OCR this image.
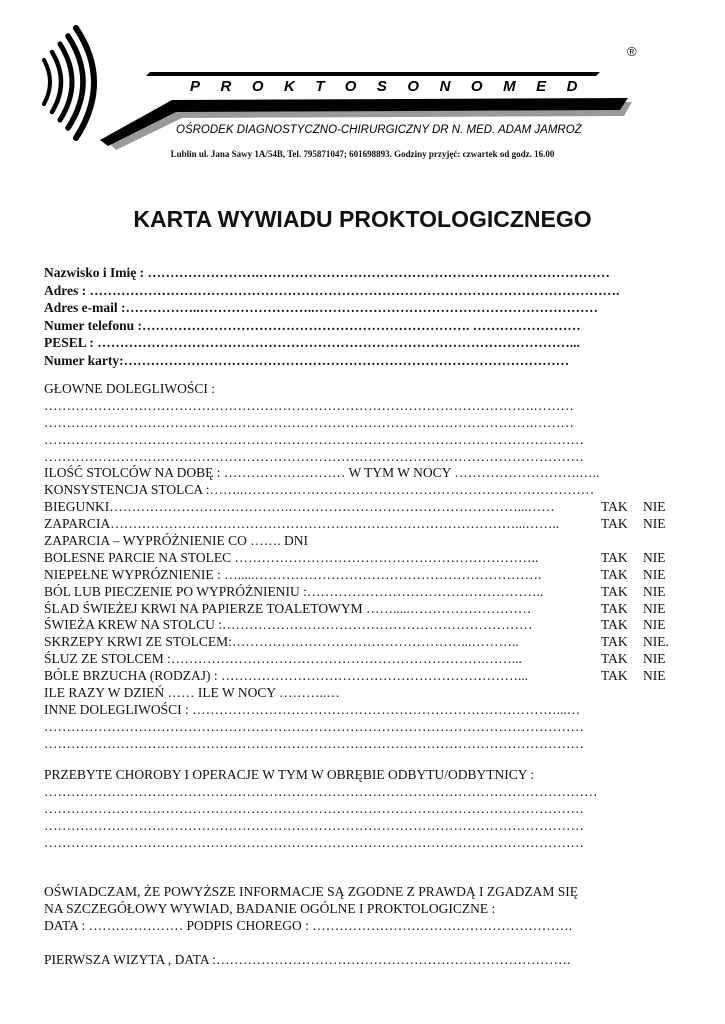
®
PROKTOSONOMED
OŚRODEK DIAGNOSTYCZNO-CHIRURGICZNY DR N. MED. ADAM JAMROŻ
Lublin ul. Jana Sawy 1A/54B, Tel. 795871047; 601698893. Godziny przyjęć: czwartek od godz. 16.00
KARTA WYWIADU PROKTOLOGICZNEGO
Nazwisko i Imię : …………………….……………………………………………………………………
Adres : ……………………………………………………………………………………………………….
Adres e-mail :……………..……………………..………………………………………………………
Numer telefonu :………………………………………………………………. ……………………
PESEL : ……………………………………………………………………………………………...
Numer karty:………………………………………………………………………………………
GŁOWNE DOLEGLIWOŚCI :
……………………………………………………………………………………………….………
……………………………………………………………………………………………….………
…………………………………………………………………………………………………………
…………………………………………………………………………………………………………
ILOŚĆ STOLCÓW NA DOBĘ : ……………………… W TYM W NOCY ……………………….…..
KONSYSTENCJA STOLCA :……..……………………………………………………………………
BIEGUNKI………………………………….……………………………………………...……	TAK NIE
ZAPARCIA………………………………………………………………………………...……..	TAK NIE
ZAPARCIA – WYPRÓŻNIENIE CO ……. DNI
BOLESNE PARCIE NA STOLEC …………………………………………………………..	TAK NIE
NIEPEŁNE WYPRÓZNIENIE : ….....……………………………………………………….	TAK NIE
BÓL LUB PIECZENIE PO WYPRÓŻNIENIU :……………………………………………..	TAK NIE
ŚLAD ŚWIEŻEJ KRWI NA PAPIERZE TOALETOWYM …….....………………………	TAK NIE
ŚWIEŻA KREW NA STOLCU :……………………………………………………………	TAK NIE
SKRZEPY KRWI ZE STOLCEM:……………………………………………...………..	TAK NIE.
ŚLUZ ZE STOLCEM :…………………………………………………………….……...	TAK NIE
BÓLE BRZUCHA (RODZAJ) : …………………………………………………………...	TAK NIE
ILE RAZY W DZIEŃ …… ILE W NOCY ………..…
INNE DOLEGLIWOŚCI : ………………………………………………………………………...…
…………………………………………………………………………………………………………
…………………………………………………………………………………………………………
PRZEBYTE CHOROBY I OPERACJE W TYM W OBRĘBIE ODBYTU/ODBYTNICY :
……………………………………………………………………………………………………………
…………………………………………………………………………………………………………
…………………………………………………………………………………………………………
…………………………………………………………………………………………………………
OŚWIADCZAM, ŻE POWYŻSZE INFORMACJE SĄ ZGODNE Z PRAWDĄ I ZGADZAM SIĘ
NA SZCZEGÓŁOWY WYWIAD, BADANIE OGÓLNE I PROKTOLOGICZNE :
DATA : ………………… PODPIS CHOREGO : ………………………………………………….
PIERWSZA WIZYTA , DATA :…………………………………………………………………….
